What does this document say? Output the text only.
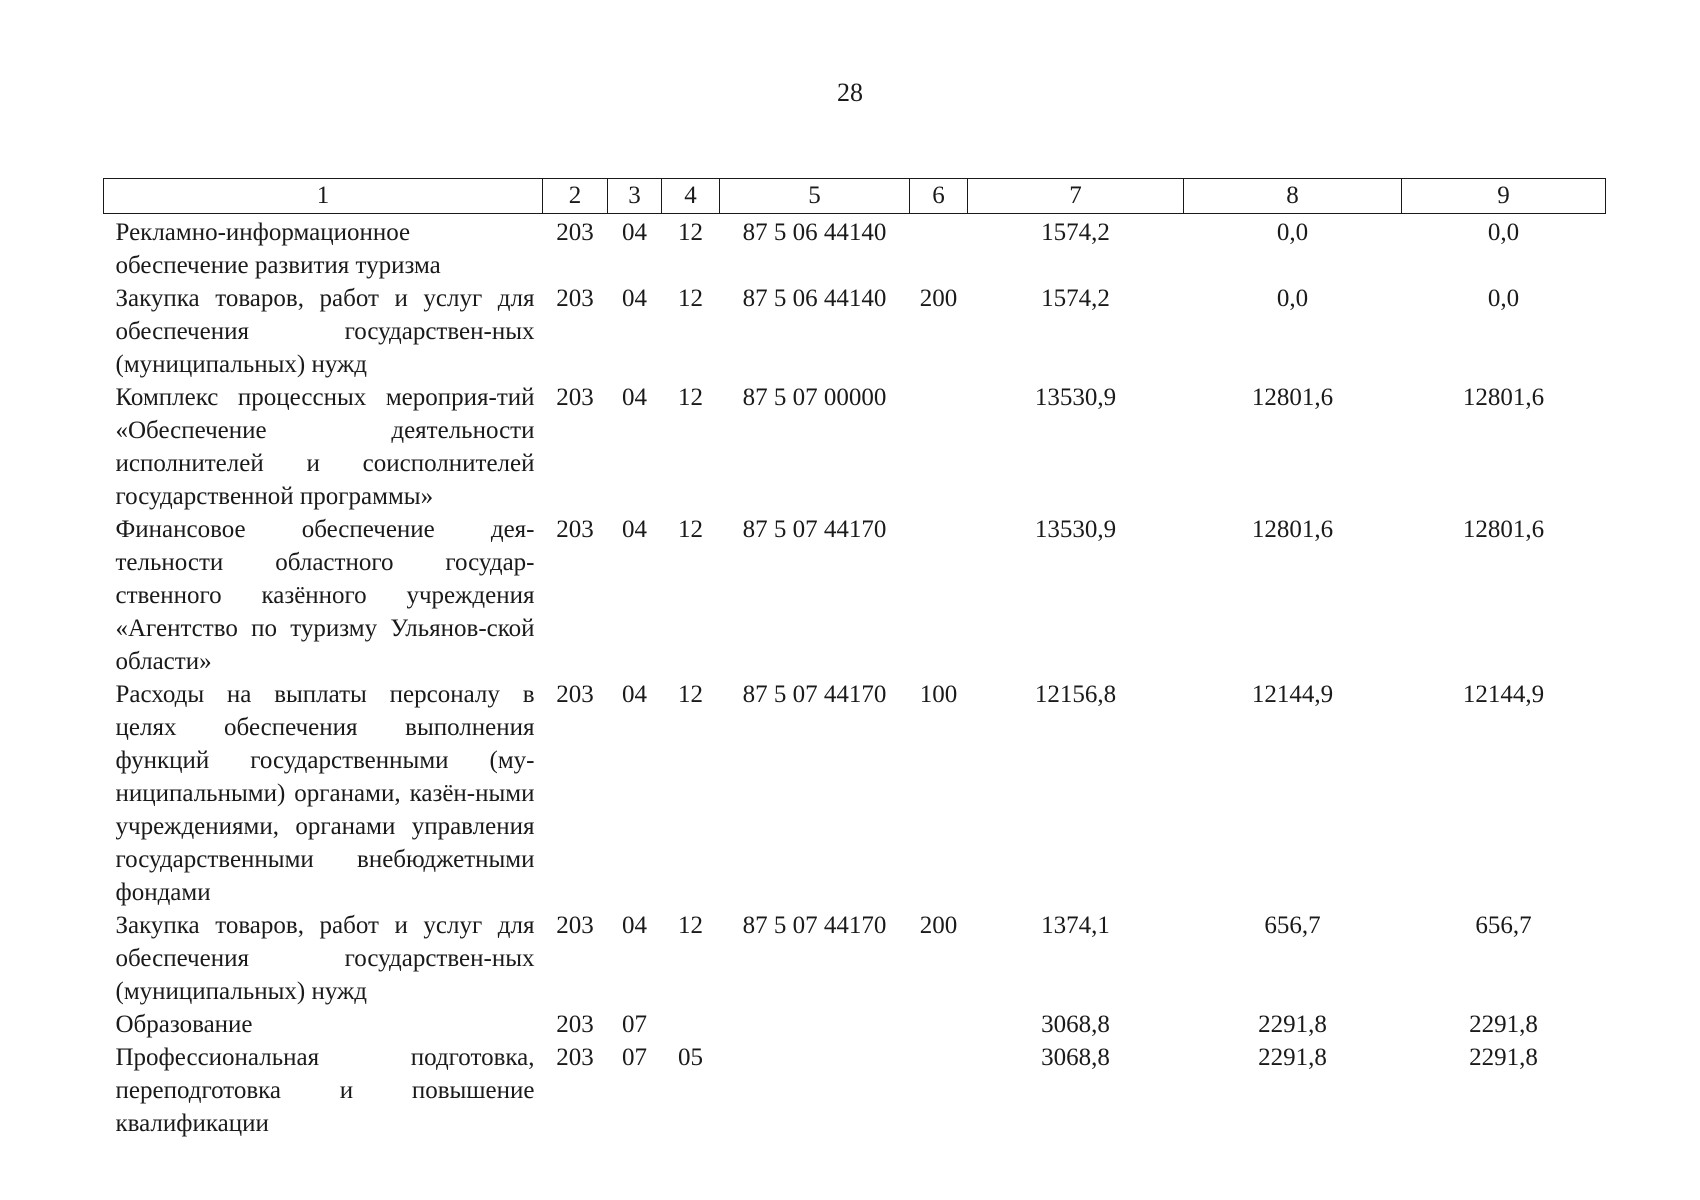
28
1	2	3	4	5	6	7	8	9
Рекламно-информационное обеспечение развития туризма	203	04	12	87 5 06 44140		1574,2	0,0	0,0
Закупка товаров, работ и услуг для обеспечения государствен-ных (муниципальных) нужд	203	04	12	87 5 06 44140	200	1574,2	0,0	0,0
Комплекс процессных мероприя-тий «Обеспечение деятельности исполнителей и соисполнителей государственной программы»	203	04	12	87 5 07 00000		13530,9	12801,6	12801,6
Финансовое обеспечение дея-тельности областного государ-ственного казённого учреждения «Агентство по туризму Ульянов-ской области»	203	04	12	87 5 07 44170		13530,9	12801,6	12801,6
Расходы на выплаты персоналу в целях обеспечения выполнения функций государственными (му-ниципальными) органами, казён-ными учреждениями, органами управления государственными внебюджетными фондами	203	04	12	87 5 07 44170	100	12156,8	12144,9	12144,9
Закупка товаров, работ и услуг для обеспечения государствен-ных (муниципальных) нужд	203	04	12	87 5 07 44170	200	1374,1	656,7	656,7
Образование	203	07				3068,8	2291,8	2291,8
Профессиональная подготовка, переподготовка и повышение квалификации	203	07	05			3068,8	2291,8	2291,8
